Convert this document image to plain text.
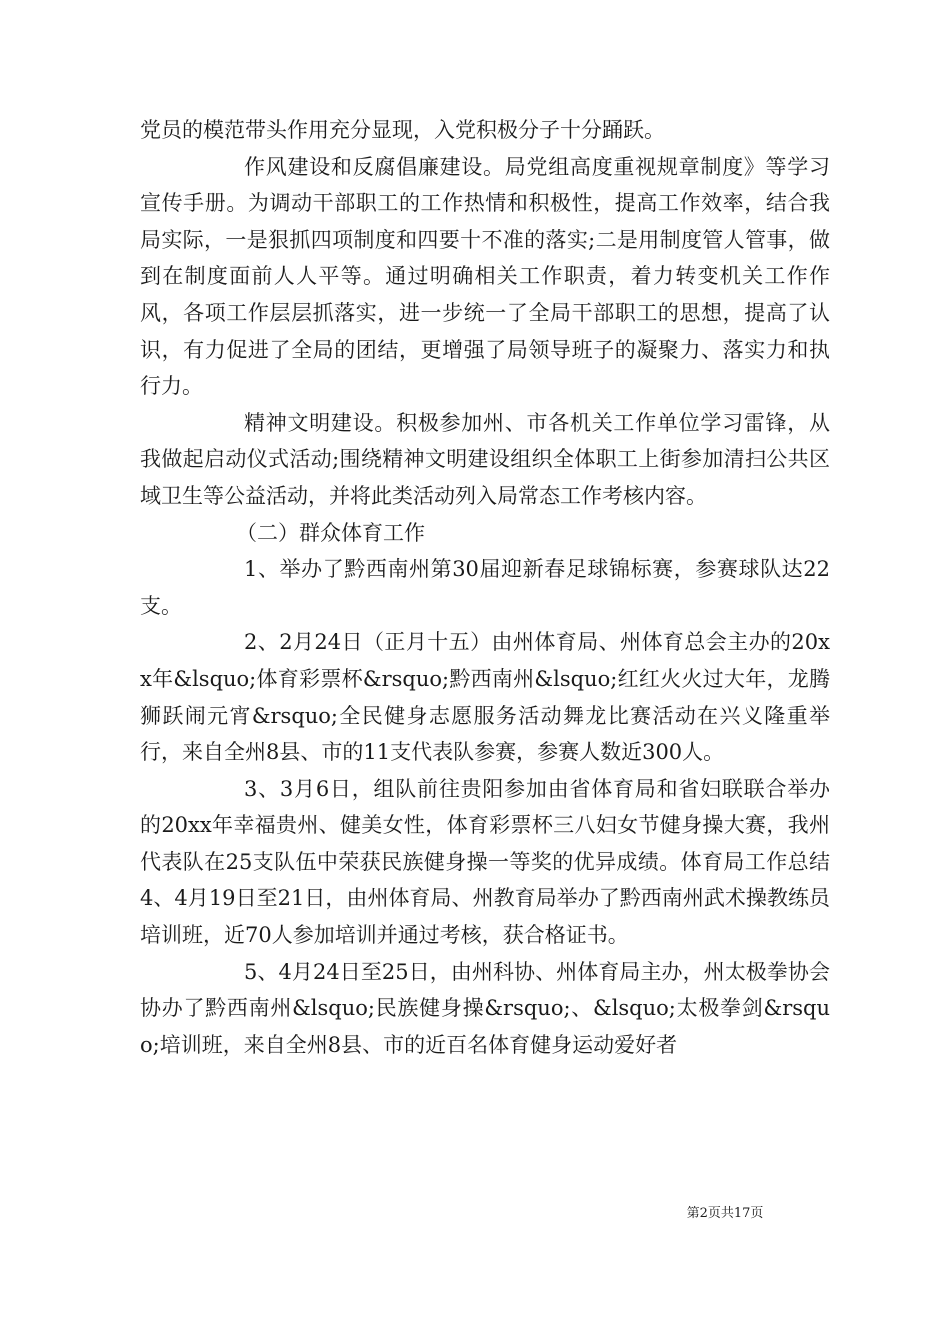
党员的模范带头作用充分显现，入党积极分子十分踊跃。

作风建设和反腐倡廉建设。局党组高度重视规章制度》等学习宣传手册。为调动干部职工的工作热情和积极性，提高工作效率，结合我局实际，一是狠抓四项制度和四要十不准的落实;二是用制度管人管事，做到在制度面前人人平等。通过明确相关工作职责，着力转变机关工作作风，各项工作层层抓落实，进一步统一了全局干部职工的思想，提高了认识，有力促进了全局的团结，更增强了局领导班子的凝聚力、落实力和执行力。

精神文明建设。积极参加州、市各机关工作单位学习雷锋，从我做起启动仪式活动;围绕精神文明建设组织全体职工上街参加清扫公共区域卫生等公益活动，并将此类活动列入局常态工作考核内容。

（二）群众体育工作

1、举办了黔西南州第30届迎新春足球锦标赛，参赛球队达22支。

2、2月24日（正月十五）由州体育局、州体育总会主办的20xx年&lsquo;体育彩票杯&rsquo;黔西南州&lsquo;红红火火过大年，龙腾狮跃闹元宵&rsquo;全民健身志愿服务活动舞龙比赛活动在兴义隆重举行，来自全州8县、市的11支代表队参赛，参赛人数近300人。

3、3月6日，组队前往贵阳参加由省体育局和省妇联联合举办的20xx年幸福贵州、健美女性，体育彩票杯三八妇女节健身操大赛，我州代表队在25支队伍中荣获民族健身操一等奖的优异成绩。体育局工作总结4、4月19日至21日，由州体育局、州教育局举办了黔西南州武术操教练员培训班，近70人参加培训并通过考核，获合格证书。

5、4月24日至25日，由州科协、州体育局主办，州太极拳协会协办了黔西南州&lsquo;民族健身操&rsquo;、&lsquo;太极拳剑&rsquo;培训班，来自全州8县、市的近百名体育健身运动爱好者

第2页共17页
